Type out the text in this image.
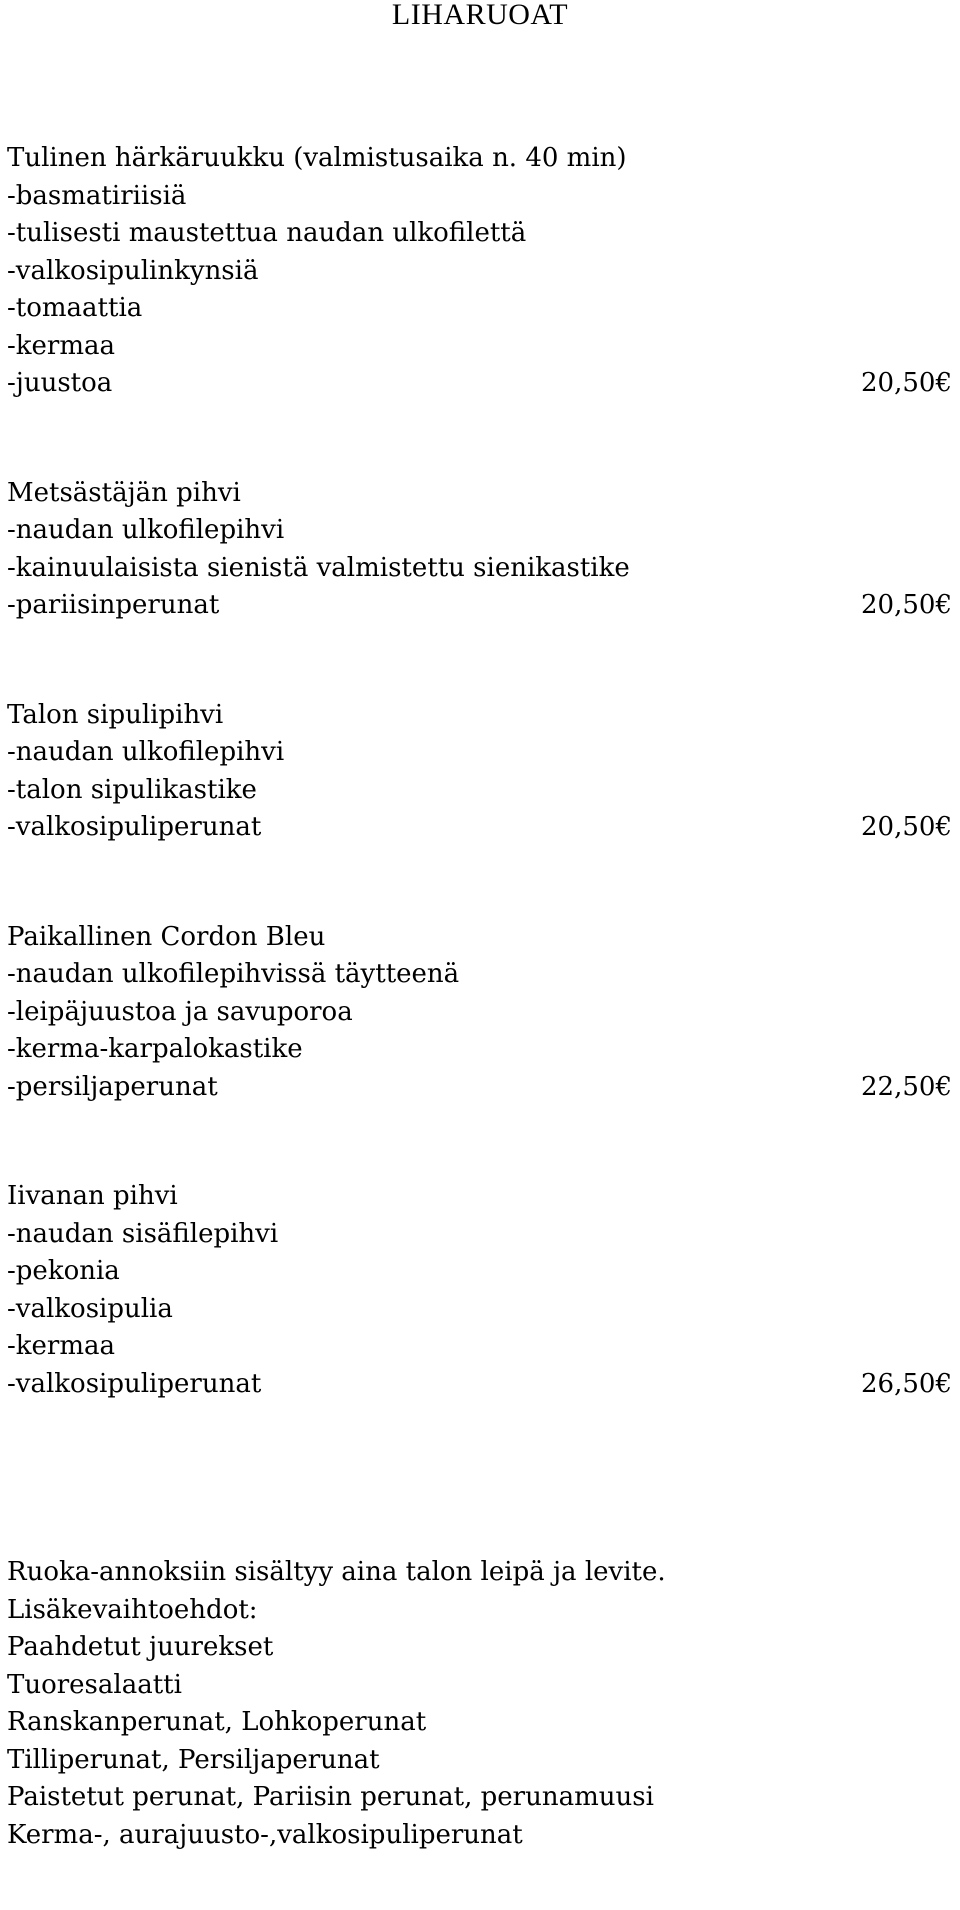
LIHARUOAT
Tulinen härkäruukku (valmistusaika n. 40 min)
-basmatiriisiä
-tulisesti maustettua naudan ulkofilettä
-valkosipulinkynsiä
-tomaattia
-kermaa
-juustoa	20,50€
Metsästäjän pihvi
-naudan ulkofilepihvi
-kainuulaisista sienistä valmistettu sienikastike
-pariisinperunat	20,50€
Talon sipulipihvi
-naudan ulkofilepihvi
-talon sipulikastike
-valkosipuliperunat	20,50€
Paikallinen Cordon Bleu
-naudan ulkofilepihvissä täytteenä
-leipäjuustoa ja savuporoa
-kerma-karpalokastike
-persiljaperunat	22,50€
Iivanan pihvi
-naudan sisäfilepihvi
-pekonia
-valkosipulia
-kermaa
-valkosipuliperunat	26,50€
Ruoka-annoksiin sisältyy aina talon leipä ja levite.
Lisäkevaihtoehdot:
Paahdetut juurekset
Tuoresalaatti
Ranskanperunat, Lohkoperunat
Tilliperunat, Persiljaperunat
Paistetut perunat, Pariisin perunat, perunamuusi
Kerma-, aurajuusto-,valkosipuliperunat
